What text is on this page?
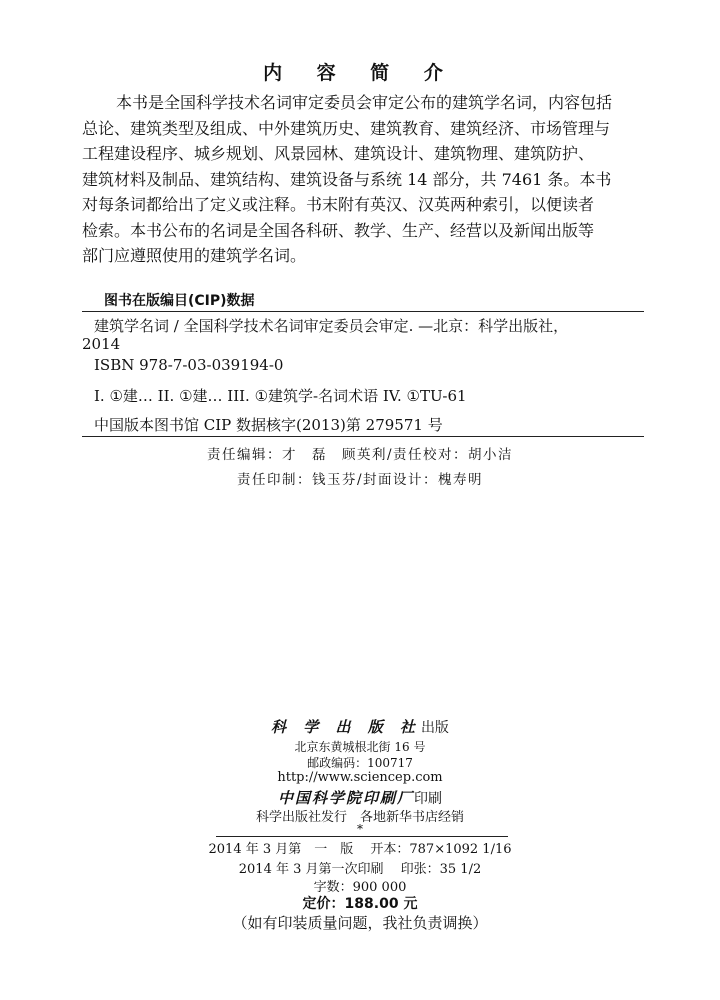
内 容 简 介
本书是全国科学技术名词审定委员会审定公布的建筑学名词，内容包括
总论、建筑类型及组成、中外建筑历史、建筑教育、建筑经济、市场管理与
工程建设程序、城乡规划、风景园林、建筑设计、建筑物理、建筑防护、
建筑材料及制品、建筑结构、建筑设备与系统 14 部分，共 7461 条。本书
对每条词都给出了定义或注释。书末附有英汉、汉英两种索引，以便读者
检索。本书公布的名词是全国各科研、教学、生产、经营以及新闻出版等
部门应遵照使用的建筑学名词。
图书在版编目(CIP)数据
建筑学名词 / 全国科学技术名词审定委员会审定. —北京：科学出版社，
2014
ISBN 978-7-03-039194-0
I. ①建… II. ①建… III. ①建筑学-名词术语 IV. ①TU-61
中国版本图书馆 CIP 数据核字(2013)第 279571 号
责任编辑：才　磊　顾英利/责任校对：胡小洁
责任印制：钱玉芬/封面设计：槐寿明
科 学 出 版 社出版
北京东黄城根北街 16 号
邮政编码：100717
http://www.sciencep.com
中国科学院印刷厂印刷
科学出版社发行　各地新华书店经销
*
2014 年 3 月第　一　版　 开本：787×1092 1/16
2014 年 3 月第一次印刷　 印张：35 1/2
字数：900 000
定价：188.00 元
（如有印装质量问题，我社负责调换）
